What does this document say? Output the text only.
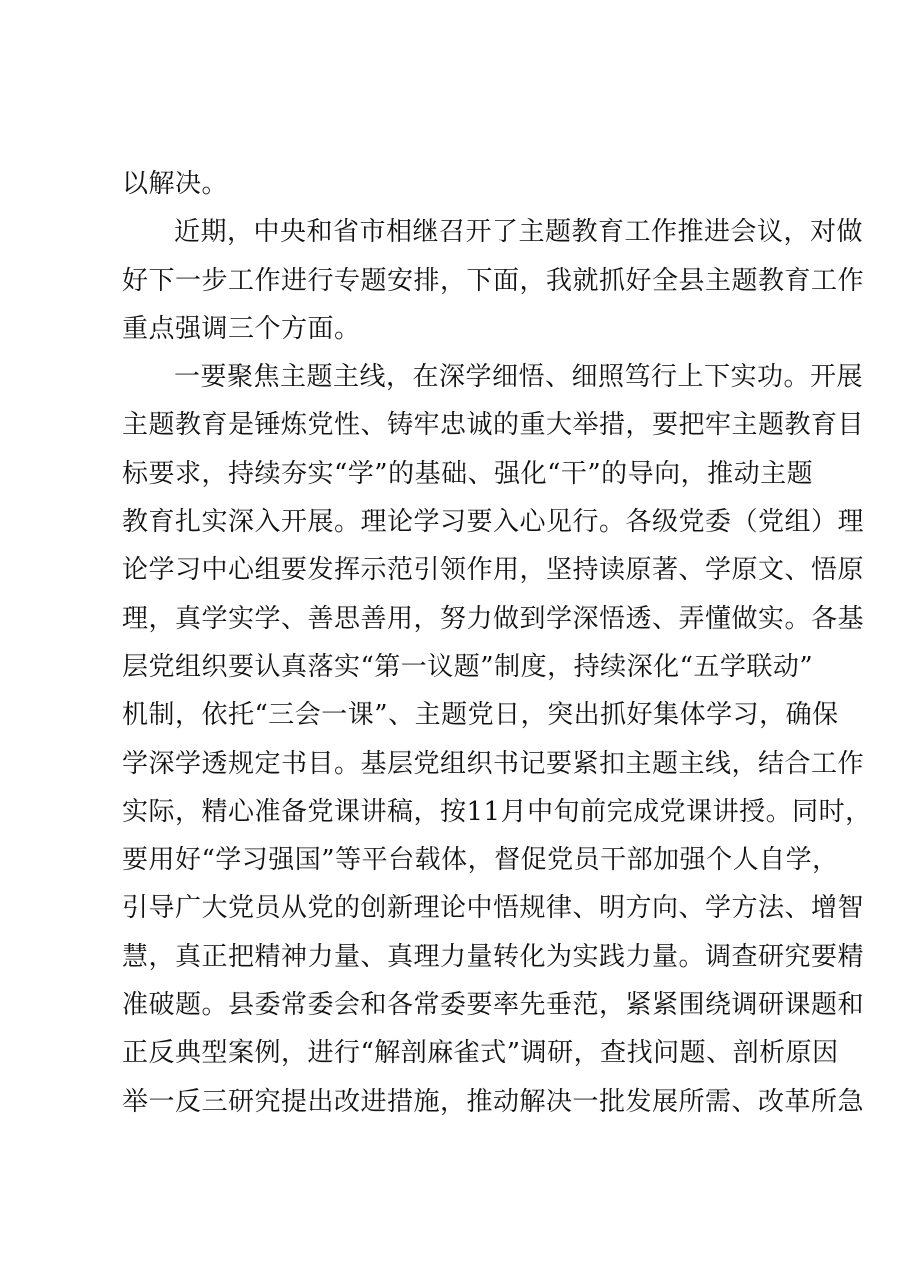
以解决。
近期，中央和省市相继召开了主题教育工作推进会议，对做
好下一步工作进行专题安排，下面，我就抓好全县主题教育工作
重点强调三个方面。
一要聚焦主题主线，在深学细悟、细照笃行上下实功。开展
主题教育是锤炼党性、铸牢忠诚的重大举措，要把牢主题教育目
标要求，持续夯实“学”的基础、强化“干”的导向，推动主题
教育扎实深入开展。理论学习要入心见行。各级党委（党组）理
论学习中心组要发挥示范引领作用，坚持读原著、学原文、悟原
理，真学实学、善思善用，努力做到学深悟透、弄懂做实。各基
层党组织要认真落实“第一议题”制度，持续深化“五学联动”
机制，依托“三会一课”、主题党日，突出抓好集体学习，确保
学深学透规定书目。基层党组织书记要紧扣主题主线，结合工作
实际，精心准备党课讲稿，按11月中旬前完成党课讲授。同时，
要用好“学习强国”等平台载体，督促党员干部加强个人自学，
引导广大党员从党的创新理论中悟规律、明方向、学方法、增智
慧，真正把精神力量、真理力量转化为实践力量。调查研究要精
准破题。县委常委会和各常委要率先垂范，紧紧围绕调研课题和
正反典型案例，进行“解剖麻雀式”调研，查找问题、剖析原因
举一反三研究提出改进措施，推动解决一批发展所需、改革所急
